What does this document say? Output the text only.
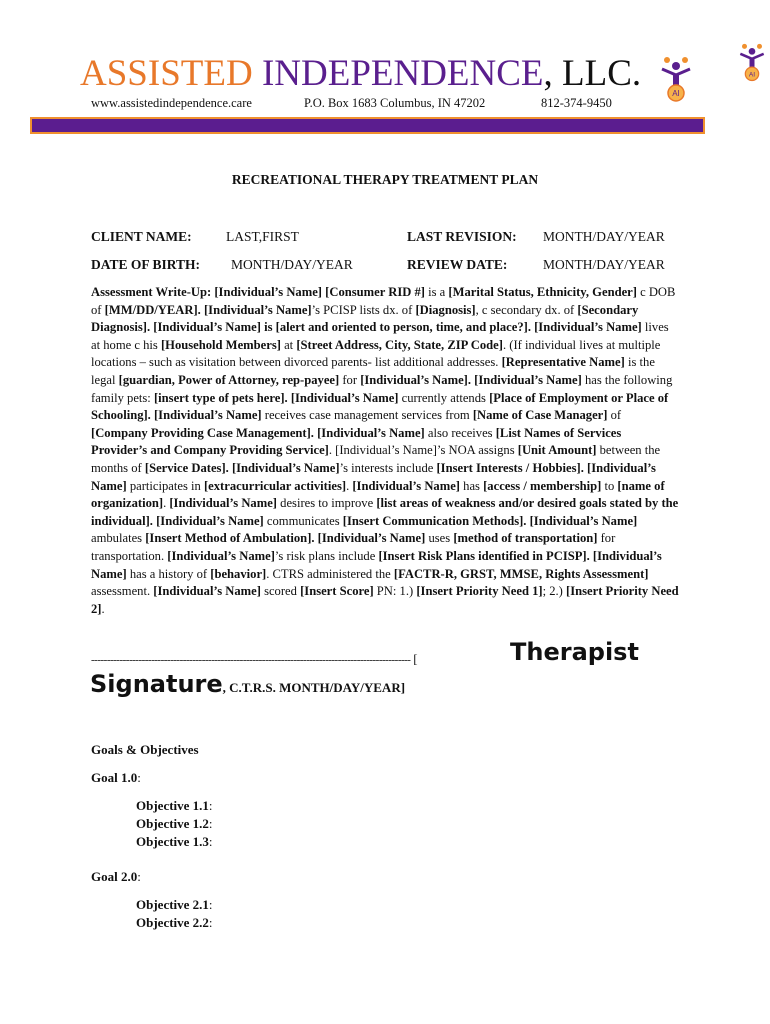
ASSISTED INDEPENDENCE, LLC.	AI
AI
www.assistedindependence.care	P.O. Box 1683 Columbus, IN 47202	812-374-9450
RECREATIONAL THERAPY TREATMENT PLAN
CLIENT NAME:	LAST,FIRST	LAST REVISION: MONTH/DAY/YEAR
DATE OF BIRTH: MONTH/DAY/YEAR	REVIEW DATE:	MONTH/DAY/YEAR
Assessment Write-Up: [Individual’s Name] [Consumer RID #] is a [Marital Status, Ethnicity, Gender] c DOB of [MM/DD/YEAR]. [Individual’s Name]’s PCISP lists dx. of [Diagnosis], c secondary dx. of [Secondary Diagnosis]. [Individual’s Name] is [alert and oriented to person, time, and place?]. [Individual’s Name] lives at home c his [Household Members] at [Street Address, City, State, ZIP Code]. (If individual lives at multiple locations – such as visitation between divorced parents- list additional addresses. [Representative Name] is the legal [guardian, Power of Attorney, rep-payee] for [Individual’s Name]. [Individual’s Name] has the following family pets: [insert type of pets here]. [Individual’s Name] currently attends [Place of Employment or Place of Schooling]. [Individual’s Name] receives case management services from [Name of Case Manager] of [Company Providing Case Management]. [Individual’s Name] also receives [List Names of Services Provider’s and Company Providing Service]. [Individual’s Name]’s NOA assigns [Unit Amount] between the months of [Service Dates]. [Individual’s Name]’s interests include [Insert Interests / Hobbies]. [Individual’s Name] participates in [extracurricular activities]. [Individual’s Name] has [access / membership] to [name of organization]. [Individual’s Name] desires to improve [list areas of weakness and/or desired goals stated by the individual]. [Individual’s Name] communicates [Insert Communication Methods]. [Individual’s Name] ambulates [Insert Method of Ambulation]. [Individual’s Name] uses [method of transportation] for transportation. [Individual’s Name]’s risk plans include [Insert Risk Plans identified in PCISP]. [Individual’s Name] has a history of [behavior]. CTRS administered the [FACTR-R, GRST, MMSE, Rights Assessment] assessment. [Individual’s Name] scored [Insert Score] PN: 1.) [Insert Priority Need 1]; 2.) [Insert Priority Need 2].
----------------------------------------------------------------------------------------------------- [	Therapist
Signature, C.T.R.S. MONTH/DAY/YEAR]
Goals & Objectives
Goal 1.0:
Objective 1.1:
Objective 1.2:
Objective 1.3:
Goal 2.0:
Objective 2.1:
Objective 2.2:
